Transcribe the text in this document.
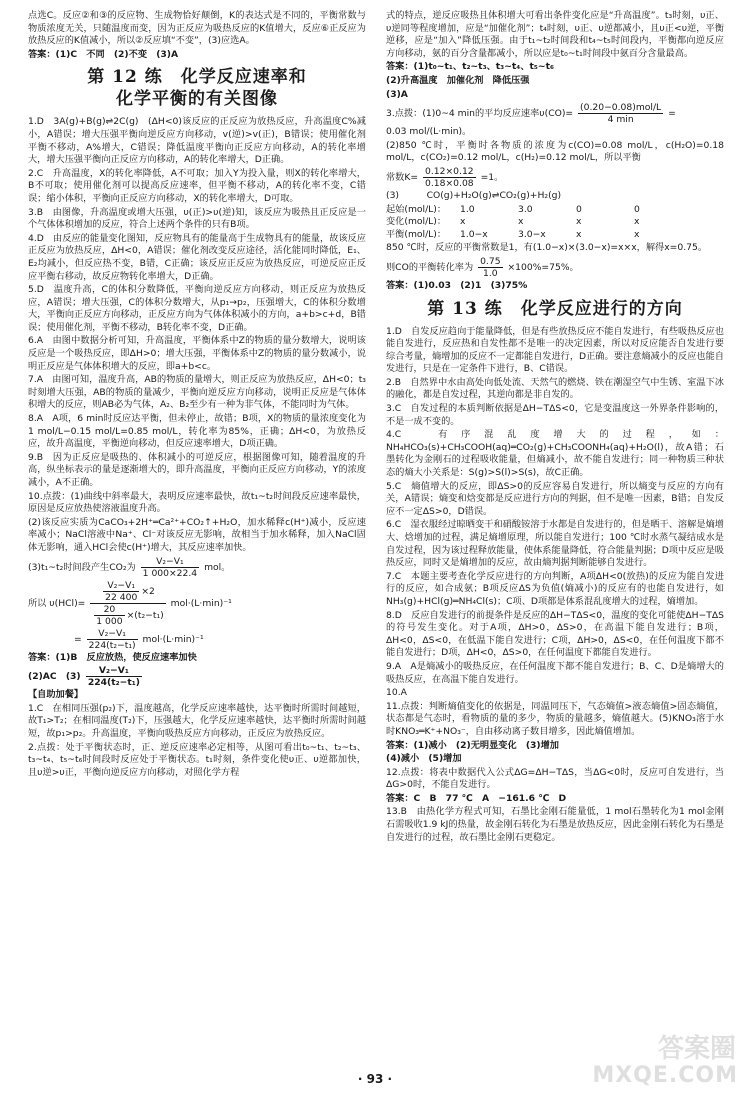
点选C。反应②和③的反应物、生成物恰好颠倒，K的表达式是不同的，平衡常数与物质浓度无关，只随温度而变，因为正反应为吸热反应的K值增大，反应⑥正反应为放热反应的K值减小，所以②反应填“不变”，(3)应选A。

答案：(1)C　不同　(2)不变　(3)A

第 12 练　化学反应速率和
化学平衡的有关图像

1.D　3A(g)+B(g)⇌2C(g)　(ΔH<0)该反应的正反应为放热反应，升高温度C%减小，A错误；增大压强平衡向逆反应方向移动，v(逆)>v(正)，B错误；使用催化剂平衡不移动，A%增大，C错误；降低温度平衡向正反应方向移动，A的转化率增大，增大压强平衡向正反应方向移动，A的转化率增大，D正确。

2.C　升高温度，X的转化率降低，A不可取；加入Y为投入量，则X的转化率增大，B不可取；使用催化剂可以提高反应速率，但平衡不移动，A的转化率不变，C错误；缩小体积，平衡向正反应方向移动，X的转化率增大，D可取。

3.B　由图像，升高温度或增大压强，υ(正)>υ(逆)知，该反应为吸热且正反应是一个气体体积增加的反应，符合上述两个条件的只有B项。

4.D　由反应的能量变化图知，反应物具有的能量高于生成物具有的能量，故该反应正反应为放热反应，ΔH<0，A错误；催化剂改变反应途径，活化能同时降低，E₁、E₂均减小，但反应热不变，B错，C正确；该反应正反应为放热反应，可逆反应正反应平衡右移动，故反应物转化率增大，D正确。

5.D　温度升高，C的体积分数降低，平衡向逆反应方向移动，则正反应为放热反应，A错误；增大压强，C的体积分数增大，从p₁→p₂，压强增大，C的体积分数增大，平衡向正反应方向移动，正反应方向为气体体积减小的方向，a+b>c+d，B错误；使用催化剂，平衡不移动，B转化率不变，D正确。

6.A　由图中数据分析可知，升高温度，平衡体系中Z的物质的量分数增大，说明该反应是一个吸热反应，即ΔH>0；增大压强，平衡体系中Z的物质的量分数减小，说明正反应是气体体积增大的反应，即a+b<c。

7.A　由图可知，温度升高，AB的物质的量增大，则正反应为放热反应，ΔH<0；t₃时刻增大压强，AB的物质的量减少，平衡向逆反应方向移动，说明正反应是气体体积增大的反应，则AB必为气体，A₂、B₂至少有一种为非气体，不能同时为气体。

8.A　A项，6 min时反应达平衡，但未停止，故错；B项，X的物质的量浓度变化为1 mol/L−0.15 mol/L=0.85 mol/L，转化率为85%，正确；ΔH<0，为放热反应，故升高温度，平衡逆向移动，但反应速率增大，D项正确。

9.B　因为正反应是吸热的、体积减小的可逆反应，根据图像可知，随着温度的升高，纵坐标表示的量是逐渐增大的，即升高温度，平衡向正反应方向移动，Y的浓度减小，A不正确。

10.点拨：(1)曲线中斜率最大，表明反应速率最快，故t₁~t₂时间段反应速率最快，原因是反应放热使溶液温度升高。

(2)该反应实质为CaCO₃+2H⁺═Ca²⁺+CO₂↑+H₂O，加水稀释c(H⁺)减小，反应速率减小；NaCl溶液中Na⁺、Cl⁻对该反应无影响，故相当于加水稀释，加入NaCl固体无影响，通入HCl会使c(H⁺)增大，其反应速率加快。

(3)t₁~t₂时间段产生CO₂为 $\frac{\text{V₂−V₁}}{1 000\times 22.4}$ mol。

所以 $\upsilon(HCl)= \frac{\frac{\text{V₂−V₁}}{22 400} \times 2}{\frac{20}{1 000} \times(t_2-t_1)} mol\cdot(L\cdot\min)^{-1}$

= $\frac{\text{V₂−V₁}}{\text{224(t₂−t₁)}} mol\cdot(L\cdot\min)^{-1}$

答案：(1)B　反应放热，使反应速率加快

(2)AC　$(3) \frac{\text{V₂−V₁}}{\text{224(t₂−t₁)}}$

【自助加餐】

1.C　在相同压强(p₂)下，温度越高，化学反应速率越快，达平衡时所需时间越短，故T₁>T₂；在相同温度(T₂)下，压强越大，化学反应速率越快，达平衡时所需时间越短，故p₁>p₂。升高温度，平衡向吸热反应方向移动，正反应为放热反应。

2.点拨：处于平衡状态时，正、逆反应速率必定相等，从图可看出t₀~t₁、t₂~t₃、t₃~t₄、t₅~t₆时间段时反应处于平衡状态。t₁时刻，条件变化使υ正、υ逆都加快，且υ逆>υ正，平衡向逆反应方向移动，对照化学方程

式的特点，逆反应吸热且体积增大可看出条件变化应是“升高温度”。t₃时刻，υ正、υ逆同等程度增加，应是“加催化剂”；t₄时刻，υ正、υ逆都减小，且υ正<υ逆，平衡逆移，应是“加入”降低压强。由于t₁~t₂时间段和t₄~t₅时间段内，平衡都向逆反应方向移动，氨的百分含量都减小，所以应是t₀~t₁时间段中氨百分含量最高。

答案：(1)t₀~t₁、t₂~t₃、t₃~t₄、t₅~t₆

(2)升高温度　加催化剂　降低压强

(3)A

3.点拨：(1)0~4 min的平均反应速率$\upsilon(CO)= \frac{\text{(0.20−0.08)mol/L}}{4 \min}$ =

0.03 mol/(L·min)。

(2)850 ℃时，平衡时各物质的浓度为c(CO)=0.08 mol/L，c(H₂O)=0.18 mol/L，c(CO₂)=0.12 mol/L，c(H₂)=0.12 mol/L，所以平衡

常数$K= \frac{0.12\times 0.12}{0.18\times 0.08} =1$。

(3)　　　CO(g)+H₂O(g)⇌CO₂(g)+H₂(g)

起始(mol/L)：	1.0	3.0	0	0
变化(mol/L)：	x	x	x	x
平衡(mol/L)：	1.0−x	3.0−x	x	x

850 ℃时，反应的平衡常数是1，有(1.0−x)×(3.0−x)=x×x，解得x=0.75。

则CO的平衡转化率为 $\frac{0.75}{1.0} \times 100\%=75\%$。

答案：(1)0.03　(2)1　(3)75%

第 13 练　化学反应进行的方向

1.D　自发反应趋向于能量降低，但是有些放热反应不能自发进行，有些吸热反应也能自发进行，反应热和自发性都不是唯一的决定因素，所以对反应能否自发进行要综合考量，熵增加的反应不一定都能自发进行，D正确。要注意熵减小的反应也能自发进行，只是在一定条件下进行，B、C错误。

2.B　自然界中水由高处向低处流、天然气的燃烧、铁在潮湿空气中生锈、室温下冰的融化，都是自发过程，其逆向都是非自发的。

3.C　自发过程的本质判断依据是ΔH−TΔS<0，它是变温度这一外界条件影响的，不是一成不变的。

4.C　有序混乱度增大的过程，如：NH₄HCO₃(s)+CH₃COOH(aq)═CO₂(g)+CH₃COONH₄(aq)+H₂O(l)，故A错；石墨转化为金刚石的过程吸收能量，但熵减小，故不能自发进行；同一种物质三种状态的熵大小关系是：S(g)>S(l)>S(s)，故C正确。

5.C　熵值增大的反应，即ΔS>0的反应容易自发进行，所以熵变与反应的方向有关，A错误；熵变和焓变都是反应进行方向的判据，但不是唯一因素，B错；自发反应不一定ΔS>0，D错误。

6.C　湿衣服经过晾晒变干和硝酸铵溶于水都是自发进行的，但是晒干、溶解是熵增大、焓增加的过程，满足熵增原理，所以能自发进行；100 ℃时水蒸气凝结成水是自发过程，因为该过程释放能量，使体系能量降低，符合能量判据；D项中反应是吸热反应，同时又是熵增加的反应，故由熵判据判断能够自发进行。

7.C　本题主要考查化学反应进行的方向判断，A项ΔH<0(放热)的反应为能自发进行的反应，如合成氨；B项反应ΔS为负值(熵减小)的反应有的也能自发进行，如NH₃(g)+HCl(g)═NH₄Cl(s)；C项、D项都是体系混乱度增大的过程，熵增加。

8.D　反应自发进行的前提条件是反应的ΔH−TΔS<0，温度的变化可能使ΔH−TΔS的符号发生变化。对于A项，ΔH>0，ΔS>0，在高温下能自发进行；B项，ΔH<0，ΔS<0，在低温下能自发进行；C项，ΔH>0，ΔS<0，在任何温度下都不能自发进行；D项，ΔH<0，ΔS>0，在任何温度下都能自发进行。

9.A　A是熵减小的吸热反应，在任何温度下都不能自发进行；B、C、D是熵增大的吸热反应，在高温下能自发进行。

10.A

11.点拨：判断熵值变化的依据是，同温同压下，气态熵值>液态熵值>固态熵值，状态都是气态时，看物质的量的多少，物质的量越多，熵值越大。(5)KNO₃溶于水时KNO₃═K⁺+NO₃⁻，自由移动离子数目增多，因此熵值增加。

答案：(1)减小　(2)无明显变化　(3)增加

(4)减小　(5)增加

12.点拨：将表中数据代入公式ΔG=ΔH−TΔS，当ΔG<0时，反应可自发进行，当ΔG>0时，不能自发进行。

答案：C　B　77 ℃　A　−161.6 ℃　D

13.B　由热化学方程式可知，石墨比金刚石能量低，1 mol石墨转化为1 mol金刚石需吸收1.9 kJ的热量，故金刚石转化为石墨是放热反应，因此金刚石转化为石墨是自发进行的过程，故石墨比金刚石更稳定。

· 93 ·
答案圈
MXQE.COM
